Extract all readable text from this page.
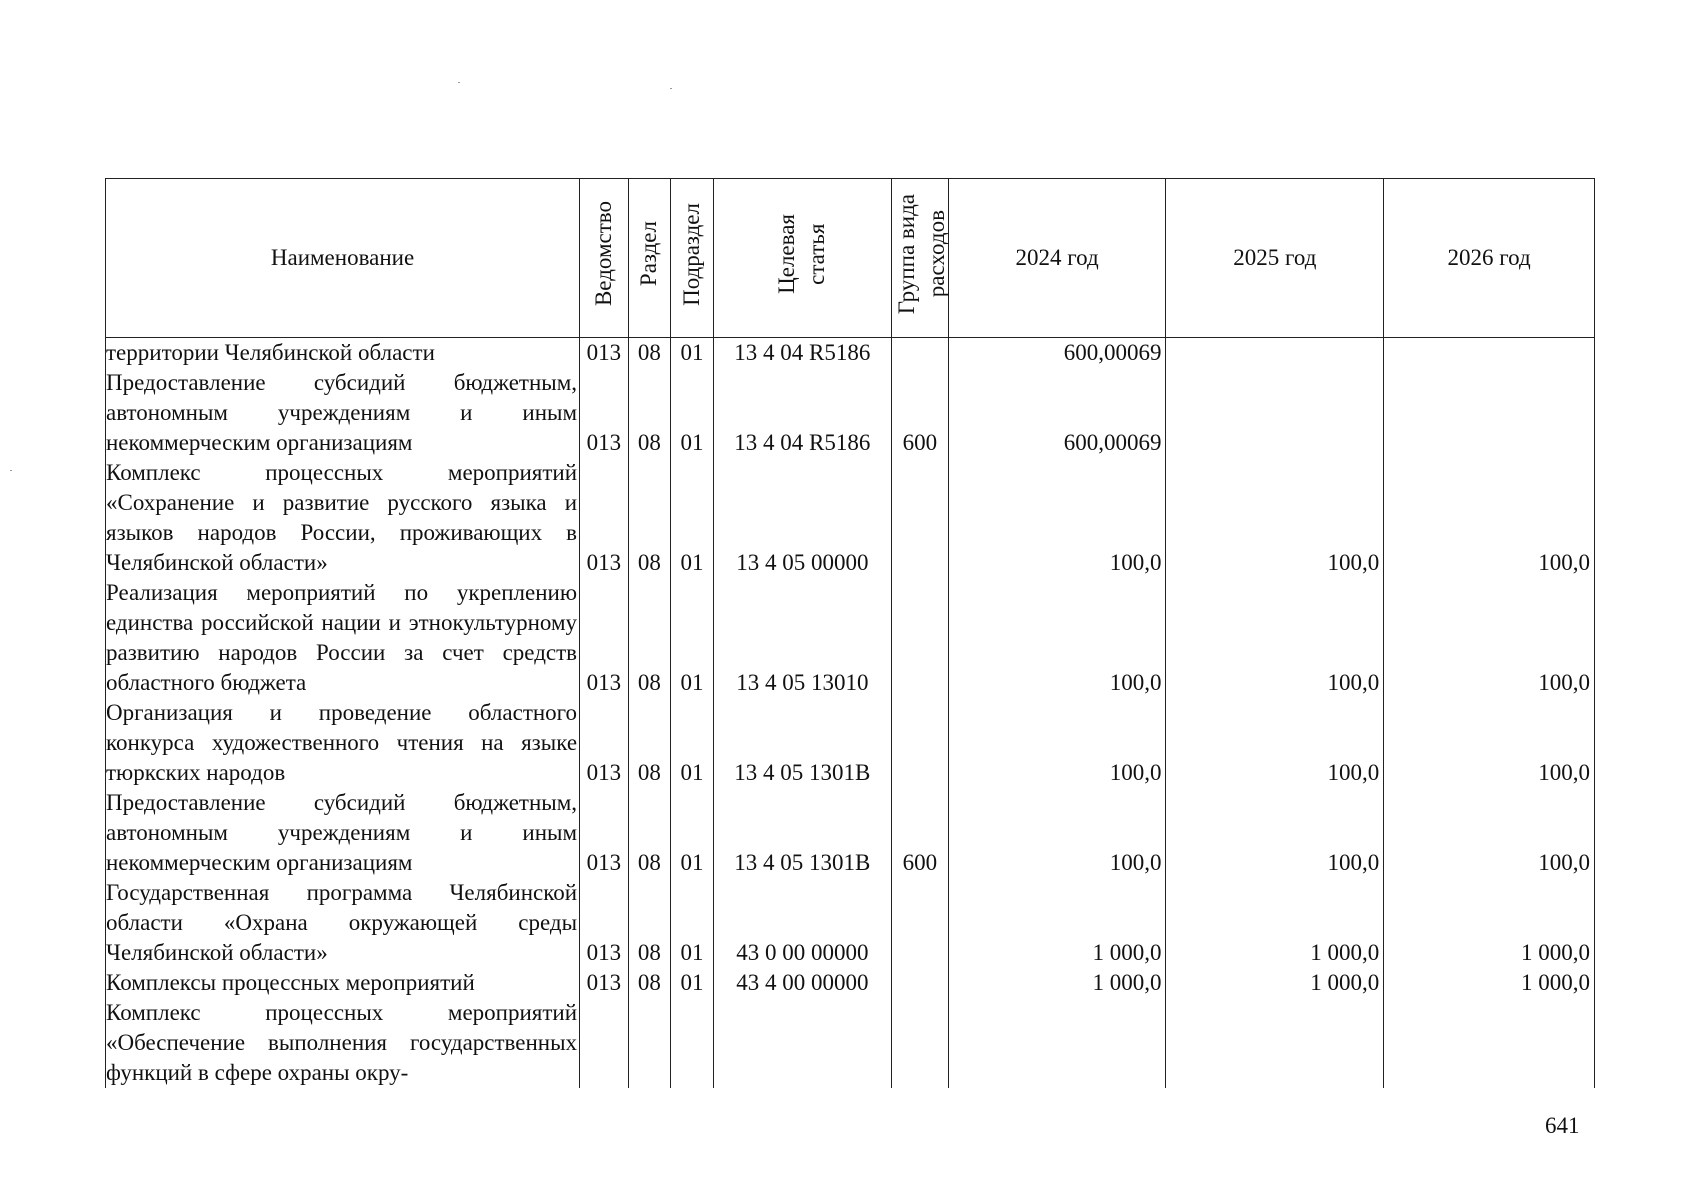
Наименование	Ведомство	Раздел	Подраздел	Целевая
статья	Группа вида
расходов	2024 год	2025 год	2026 год
территории Челябинской области	013	08	01	13 4 04 R5186		600,00069		
Предоставление субсидий бюджетным, автономным учреждениям и иным некоммерческим организациям	013	08	01	13 4 04 R5186	600	600,00069		
Комплекс процессных мероприятий «Сохранение и развитие русского языка и языков народов России, проживающих в Челябинской области»	013	08	01	13 4 05 00000		100,0	100,0	100,0
Реализация мероприятий по укреплению единства российской нации и этнокультурному развитию народов России за счет средств областного бюджета	013	08	01	13 4 05 13010		100,0	100,0	100,0
Организация и проведение областного конкурса художественного чтения на языке тюркских народов	013	08	01	13 4 05 1301В		100,0	100,0	100,0
Предоставление субсидий бюджетным, автономным учреждениям и иным некоммерческим организациям	013	08	01	13 4 05 1301В	600	100,0	100,0	100,0
Государственная программа Челябинской области «Охрана окружающей среды Челябинской области»	013	08	01	43 0 00 00000		1 000,0	1 000,0	1 000,0
Комплексы процессных мероприятий	013	08	01	43 4 00 00000		1 000,0	1 000,0	1 000,0
Комплекс процессных мероприятий «Обеспечение выполнения государственных функций в сфере охраны окру-								
641
